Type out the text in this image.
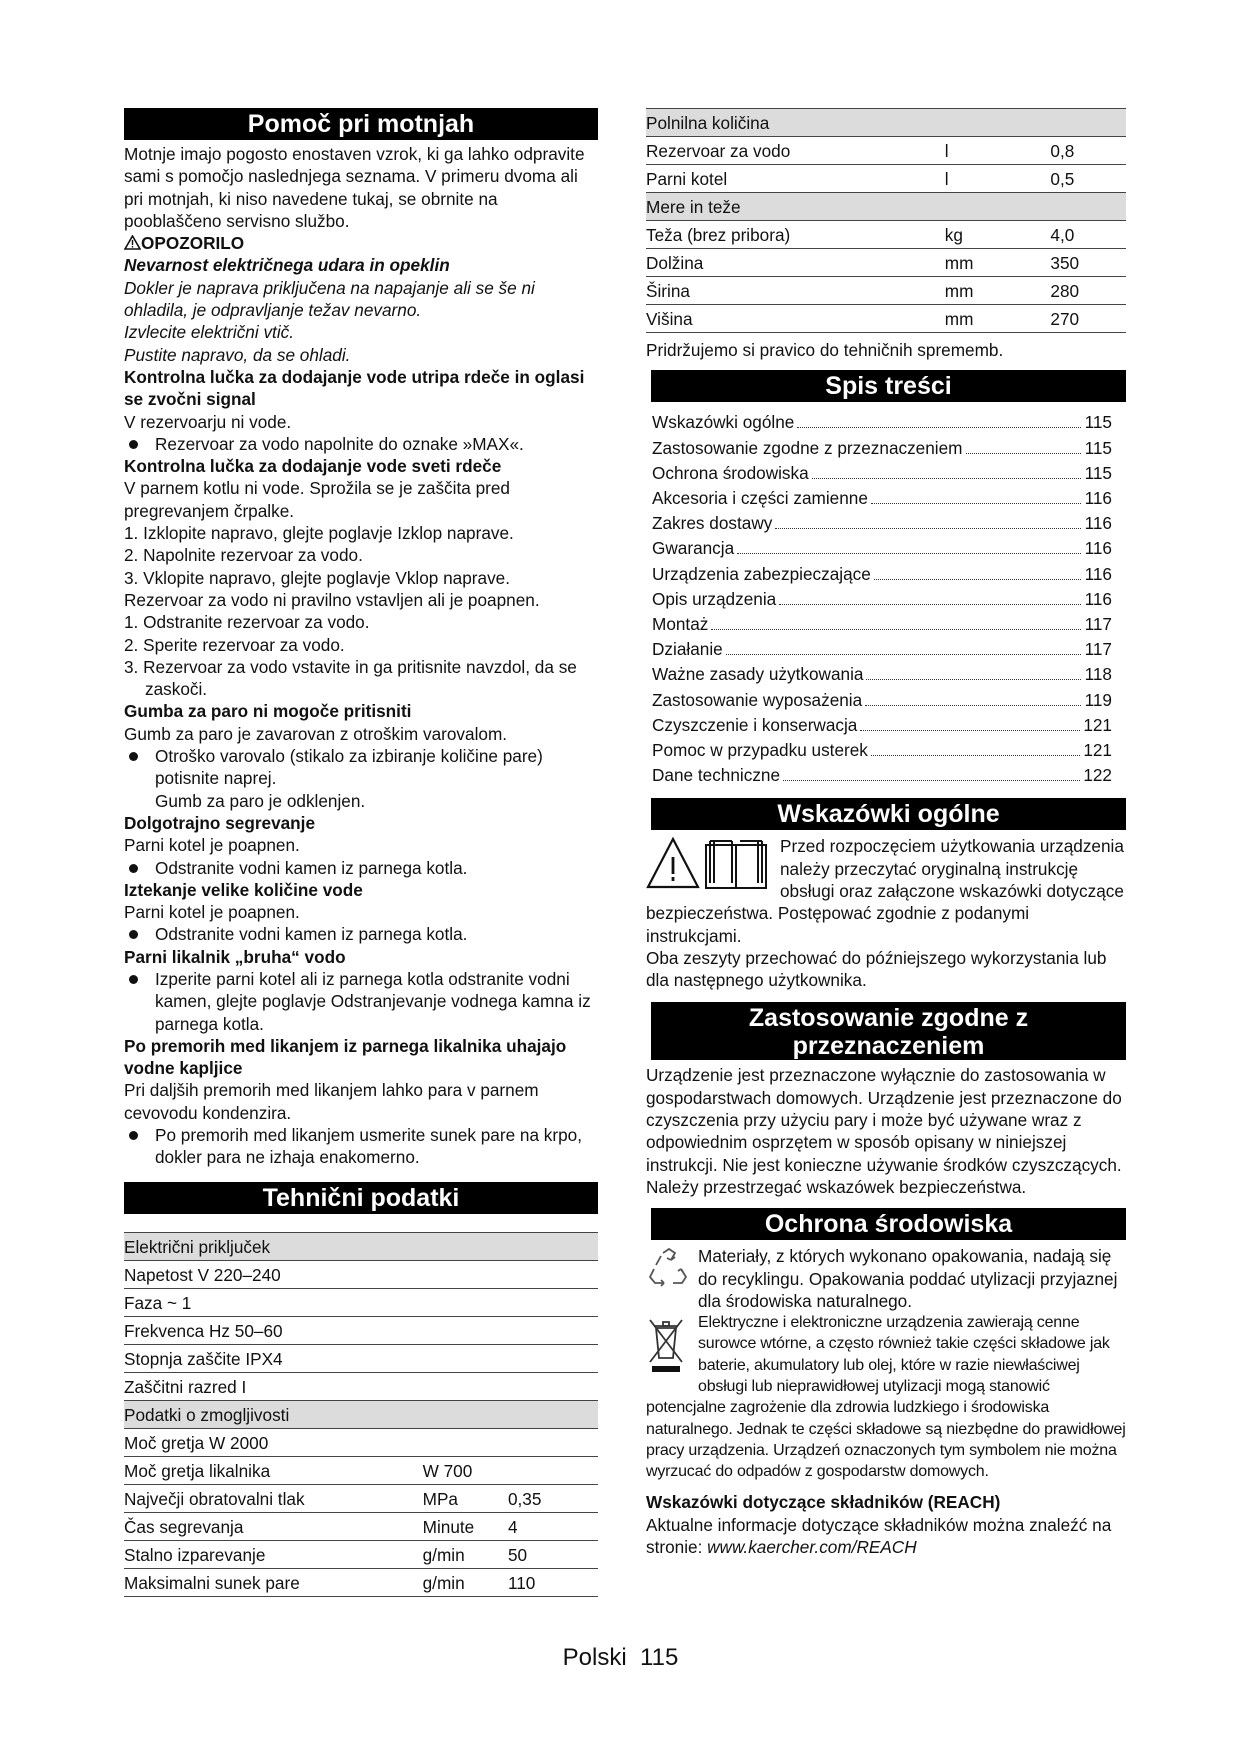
Pomoč pri motnjah

Motnje imajo pogosto enostaven vzrok, ki ga lahko odpravite sami s pomočjo naslednjega seznama. V primeru dvoma ali pri motnjah, ki niso navedene tukaj, se obrnite na pooblaščeno servisno službo.

OPOZORILO

Nevarnost električnega udara in opeklin

Dokler je naprava priključena na napajanje ali se še ni ohladila, je odpravljanje težav nevarno.

Izvlecite električni vtič.

Pustite napravo, da se ohladi.

Kontrolna lučka za dodajanje vode utripa rdeče in oglasi se zvočni signal

V rezervoarju ni vode.

Rezervoar za vodo napolnite do oznake »MAX«.

Kontrolna lučka za dodajanje vode sveti rdeče

V parnem kotlu ni vode. Sprožila se je zaščita pred pregrevanjem črpalke.

1. Izklopite napravo, glejte poglavje Izklop naprave.
2. Napolnite rezervoar za vodo.
3. Vklopite napravo, glejte poglavje Vklop naprave.

Rezervoar za vodo ni pravilno vstavljen ali je poapnen.

1. Odstranite rezervoar za vodo.
2. Sperite rezervoar za vodo.
3. Rezervoar za vodo vstavite in ga pritisnite navzdol, da se zaskoči.

Gumba za paro ni mogoče pritisniti

Gumb za paro je zavarovan z otroškim varovalom.

Otroško varovalo (stikalo za izbiranje količine pare) potisnite naprej.
Gumb za paro je odklenjen.

Dolgotrajno segrevanje

Parni kotel je poapnen.

Odstranite vodni kamen iz parnega kotla.

Iztekanje velike količine vode

Parni kotel je poapnen.

Odstranite vodni kamen iz parnega kotla.

Parni likalnik „bruha“ vodo

Izperite parni kotel ali iz parnega kotla odstranite vodni kamen, glejte poglavje Odstranjevanje vodnega kamna iz parnega kotla.

Po premorih med likanjem iz parnega likalnika uhajajo vodne kapljice

Pri daljših premorih med likanjem lahko para v parnem cevovodu kondenzira.

Po premorih med likanjem usmerite sunek pare na krpo, dokler para ne izhaja enakomerno.
Tehnični podatki
Električni priključek		
Napetost V 220–240		
Faza ~ 1		
Frekvenca Hz 50–60		
Stopnja zaščite IPX4		
Zaščitni razred I		
Podatki o zmogljivosti		
Moč gretja W 2000		
Moč gretja likalnika	W 700	
Največji obratovalni tlak	MPa	0,35
Čas segrevanja	Minute	4
Stalno izparevanje	g/min	50
Maksimalni sunek pare	g/min	110
Polnilna količina		
Rezervoar za vodo	l	0,8
Parni kotel	l	0,5
Mere in teže		
Teža (brez pribora)	kg	4,0
Dolžina	mm	350
Širina	mm	280
Višina	mm	270

Pridržujemo si pravico do tehničnih sprememb.

Spis treści
Wskazówki ogólne	115
Zastosowanie zgodne z przeznaczeniem	115
Ochrona środowiska	115
Akcesoria i części zamienne	116
Zakres dostawy	116
Gwarancja	116
Urządzenia zabezpieczające	116
Opis urządzenia	116
Montaż	117
Działanie	117
Ważne zasady użytkowania	118
Zastosowanie wyposażenia	119
Czyszczenie i konserwacja	121
Pomoc w przypadku usterek	121
Dane techniczne	122
Wskazówki ogólne

Przed rozpoczęciem użytkowania urządzenia należy przeczytać oryginalną instrukcję obsługi oraz załączone wskazówki dotyczące bezpieczeństwa. Postępować zgodnie z podanymi instrukcjami.

Oba zeszyty przechować do późniejszego wykorzystania lub dla następnego użytkownika.

Zastosowanie zgodne z przeznaczeniem

Urządzenie jest przeznaczone wyłącznie do zastosowania w gospodarstwach domowych. Urządzenie jest przeznaczone do czyszczenia przy użyciu pary i może być używane wraz z odpowiednim osprzętem w sposób opisany w niniejszej instrukcji. Nie jest konieczne używanie środków czyszczących. Należy przestrzegać wskazówek bezpieczeństwa.

Ochrona środowiska

Materiały, z których wykonano opakowania, nadają się do recyklingu. Opakowania poddać utylizacji przyjaznej dla środowiska naturalnego.

Elektryczne i elektroniczne urządzenia zawierają cenne surowce wtórne, a często również takie części składowe jak baterie, akumulatory lub olej, które w razie niewłaściwej obsługi lub nieprawidłowej utylizacji mogą stanowić potencjalne zagrożenie dla zdrowia ludzkiego i środowiska naturalnego. Jednak te części składowe są niezbędne do prawidłowej pracy urządzenia. Urządzeń oznaczonych tym symbolem nie można wyrzucać do odpadów z gospodarstw domowych.

Wskazówki dotyczące składników (REACH)

Aktualne informacje dotyczące składników można znaleźć na stronie: www.kaercher.com/REACH

Polski 115
